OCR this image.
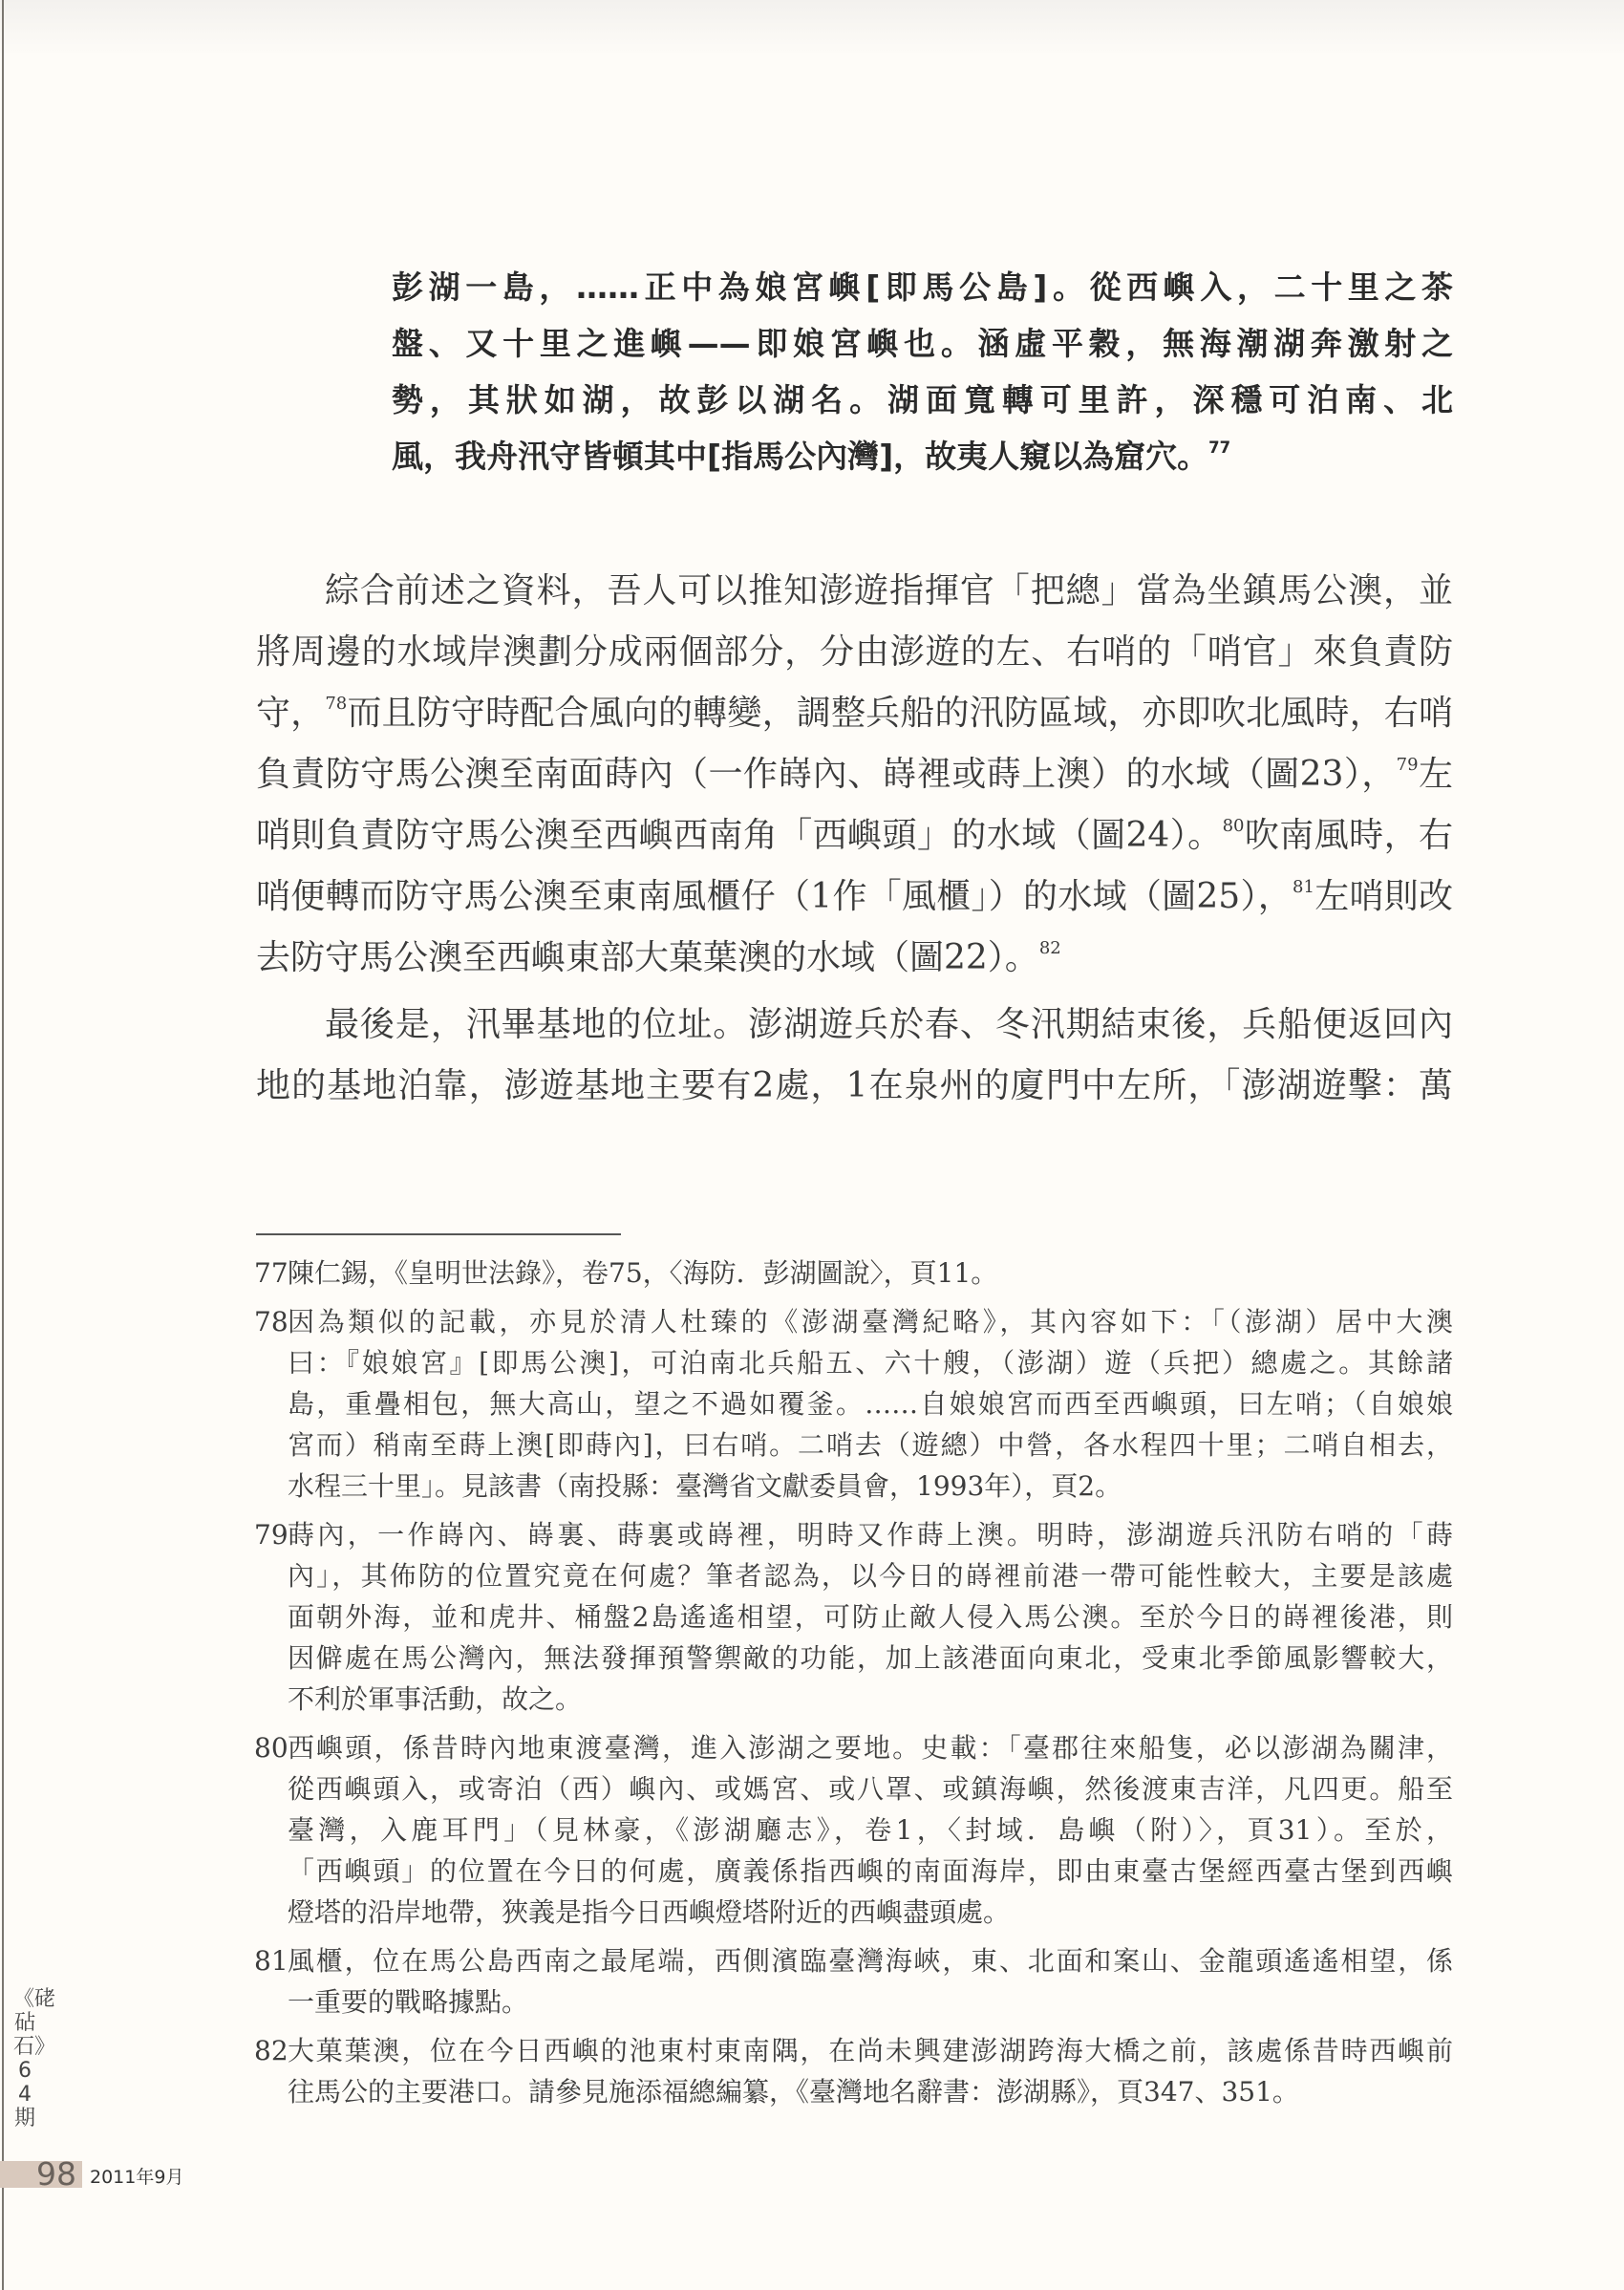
彭湖一島，……正中為娘宮嶼[即馬公島]。從西嶼入，二十里之茶
盤、又十里之進嶼——即娘宮嶼也。涵虛平穀，無海潮湖奔激射之
勢，其狀如湖，故彭以湖名。湖面寬轉可里許，深穩可泊南、北
風，我舟汛守皆頓其中[指馬公內灣]，故夷人窺以為窟穴。$^{77}$
綜合前述之資料，吾人可以推知澎遊指揮官「把總」當為坐鎮馬公澳，並
將周邊的水域岸澳劃分成兩個部分，分由澎遊的左、右哨的「哨官」來負責防
守，$^{78}$而且防守時配合風向的轉變，調整兵船的汛防區域，亦即吹北風時，右哨
負責防守馬公澳至南面蒔內（一作嵵內、嵵裡或蒔上澳）的水域（圖23），$^{79}$左
哨則負責防守馬公澳至西嶼西南角「西嶼頭」的水域（圖24）。$^{80}$吹南風時，右
哨便轉而防守馬公澳至東南風櫃仔（1作「風櫃」）的水域（圖25），$^{81}$左哨則改
去防守馬公澳至西嶼東部大菓葉澳的水域（圖22）。$^{82}$
最後是，汛畢基地的位址。澎湖遊兵於春、冬汛期結束後，兵船便返回內
地的基地泊靠，澎遊基地主要有2處，1在泉州的廈門中左所，「澎湖遊擊：萬
77 陳仁錫，《皇明世法錄》，卷75，〈海防．彭湖圖說〉，頁11。
78 因為類似的記載，亦見於清人杜臻的《澎湖臺灣紀略》，其內容如下：「（澎湖）居中大澳
曰：『娘娘宮』[即馬公澳]，可泊南北兵船五、六十艘，（澎湖）遊（兵把）總處之。其餘諸
島，重疊相包，無大高山，望之不過如覆釜。……自娘娘宮而西至西嶼頭，曰左哨；（自娘娘
宮而）稍南至蒔上澳[即蒔內]，曰右哨。二哨去（遊總）中營，各水程四十里；二哨自相去，
水程三十里」。見該書（南投縣：臺灣省文獻委員會，1993年），頁2。
79 蒔內，一作嵵內、嵵裏、蒔裏或嵵裡，明時又作蒔上澳。明時，澎湖遊兵汛防右哨的「蒔
內」，其佈防的位置究竟在何處？筆者認為，以今日的嵵裡前港一帶可能性較大，主要是該處
面朝外海，並和虎井、桶盤2島遙遙相望，可防止敵人侵入馬公澳。至於今日的嵵裡後港，則
因僻處在馬公灣內，無法發揮預警禦敵的功能，加上該港面向東北，受東北季節風影響較大，
不利於軍事活動，故之。
80 西嶼頭，係昔時內地東渡臺灣，進入澎湖之要地。史載：「臺郡往來船隻，必以澎湖為關津，
從西嶼頭入，或寄泊（西）嶼內、或媽宮、或八罩、或鎮海嶼，然後渡東吉洋，凡四更。船至
臺灣，入鹿耳門」（見林豪，《澎湖廳志》，卷1，〈封域．島嶼（附）〉，頁31）。至於，
「西嶼頭」的位置在今日的何處，廣義係指西嶼的南面海岸，即由東臺古堡經西臺古堡到西嶼
燈塔的沿岸地帶，狹義是指今日西嶼燈塔附近的西嶼盡頭處。
81 風櫃，位在馬公島西南之最尾端，西側濱臨臺灣海峽，東、北面和案山、金龍頭遙遙相望，係
一重要的戰略據點。
82 大菓葉澳，位在今日西嶼的池東村東南隅，在尚未興建澎湖跨海大橋之前，該處係昔時西嶼前
往馬公的主要港口。請參見施添福總編纂，《臺灣地名辭書：澎湖縣》，頁347、351。
《硓砧石》64期
98 2011年9月
